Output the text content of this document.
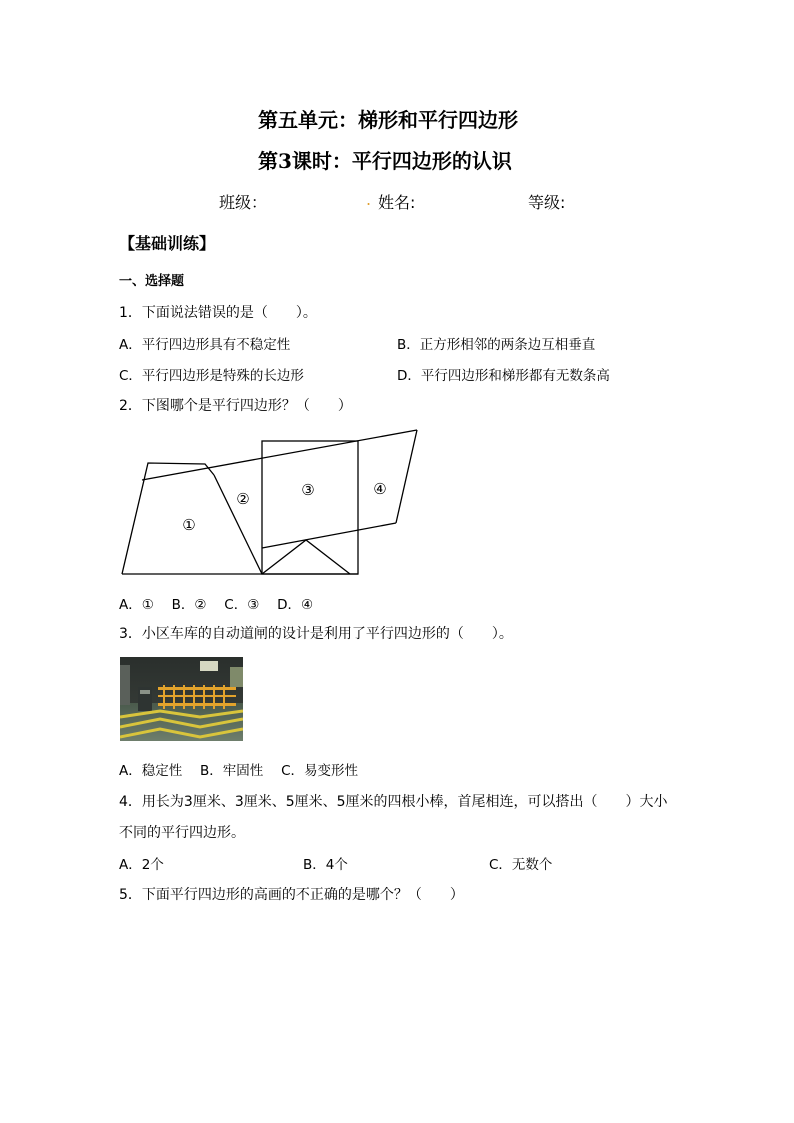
第五单元：梯形和平行四边形
第3课时：平行四边形的认识
班级：	. 姓名:	等级:
【基础训练】
一、选择题
1．下面说法错误的是（　　）。
A．平行四边形具有不稳定性	B．正方形相邻的两条边互相垂直
C．平行四边形是特殊的长边形	D．平行四边形和梯形都有无数条高
2．下图哪个是平行四边形？（　　）
①
②	③	④
A．①　 B．②　 C．③　 D．④
3．小区车库的自动道闸的设计是利用了平行四边形的（　　）。
A．稳定性　 B．牢固性　 C．易变形性
4．用长为3厘米、3厘米、5厘米、5厘米的四根小棒，首尾相连，可以搭出（　　）大小
不同的平行四边形。
A．2个	B．4个	C．无数个
5．下面平行四边形的高画的不正确的是哪个？（　　）
